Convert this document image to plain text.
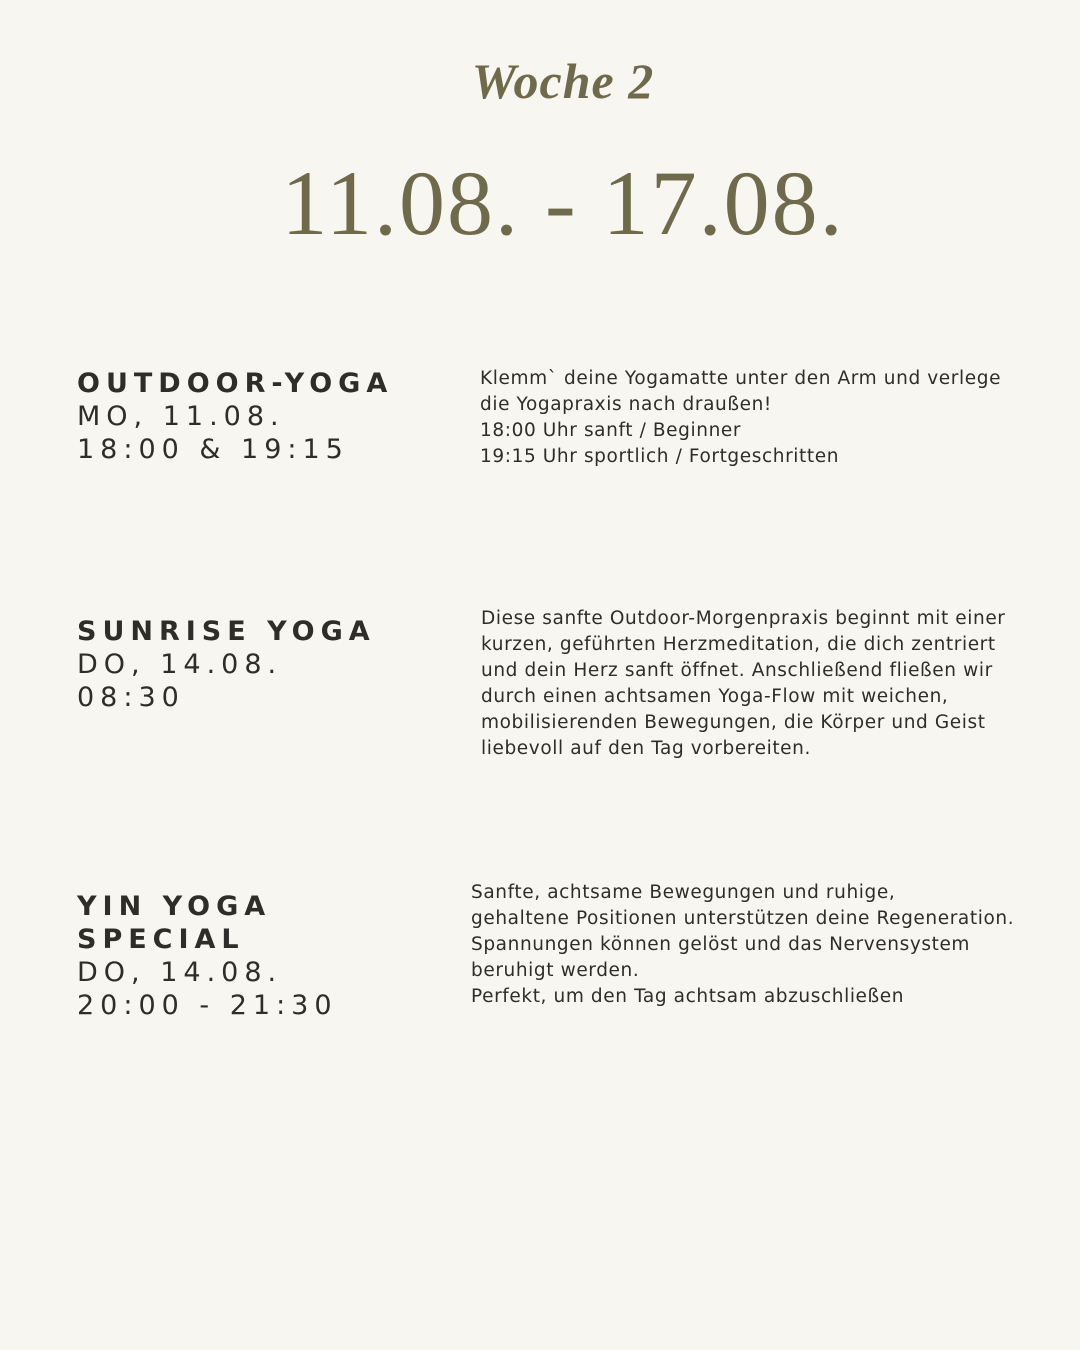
Woche 2
11.08. - 17.08.
OUTDOOR-YOGA
MO, 11.08.
18:00 & 19:15
Klemm` deine Yogamatte unter den Arm und verlege
die Yogapraxis nach draußen!
18:00 Uhr sanft / Beginner
19:15 Uhr sportlich / Fortgeschritten
SUNRISE YOGA
DO, 14.08.
08:30
Diese sanfte Outdoor-Morgenpraxis beginnt mit einer
kurzen, geführten Herzmeditation, die dich zentriert
und dein Herz sanft öffnet. Anschließend fließen wir
durch einen achtsamen Yoga-Flow mit weichen,
mobilisierenden Bewegungen, die Körper und Geist
liebevoll auf den Tag vorbereiten.
YIN YOGA
SPECIAL
DO, 14.08.
20:00 - 21:30
Sanfte, achtsame Bewegungen und ruhige,
gehaltene Positionen unterstützen deine Regeneration.
Spannungen können gelöst und das Nervensystem
beruhigt werden.
Perfekt, um den Tag achtsam abzuschließen
